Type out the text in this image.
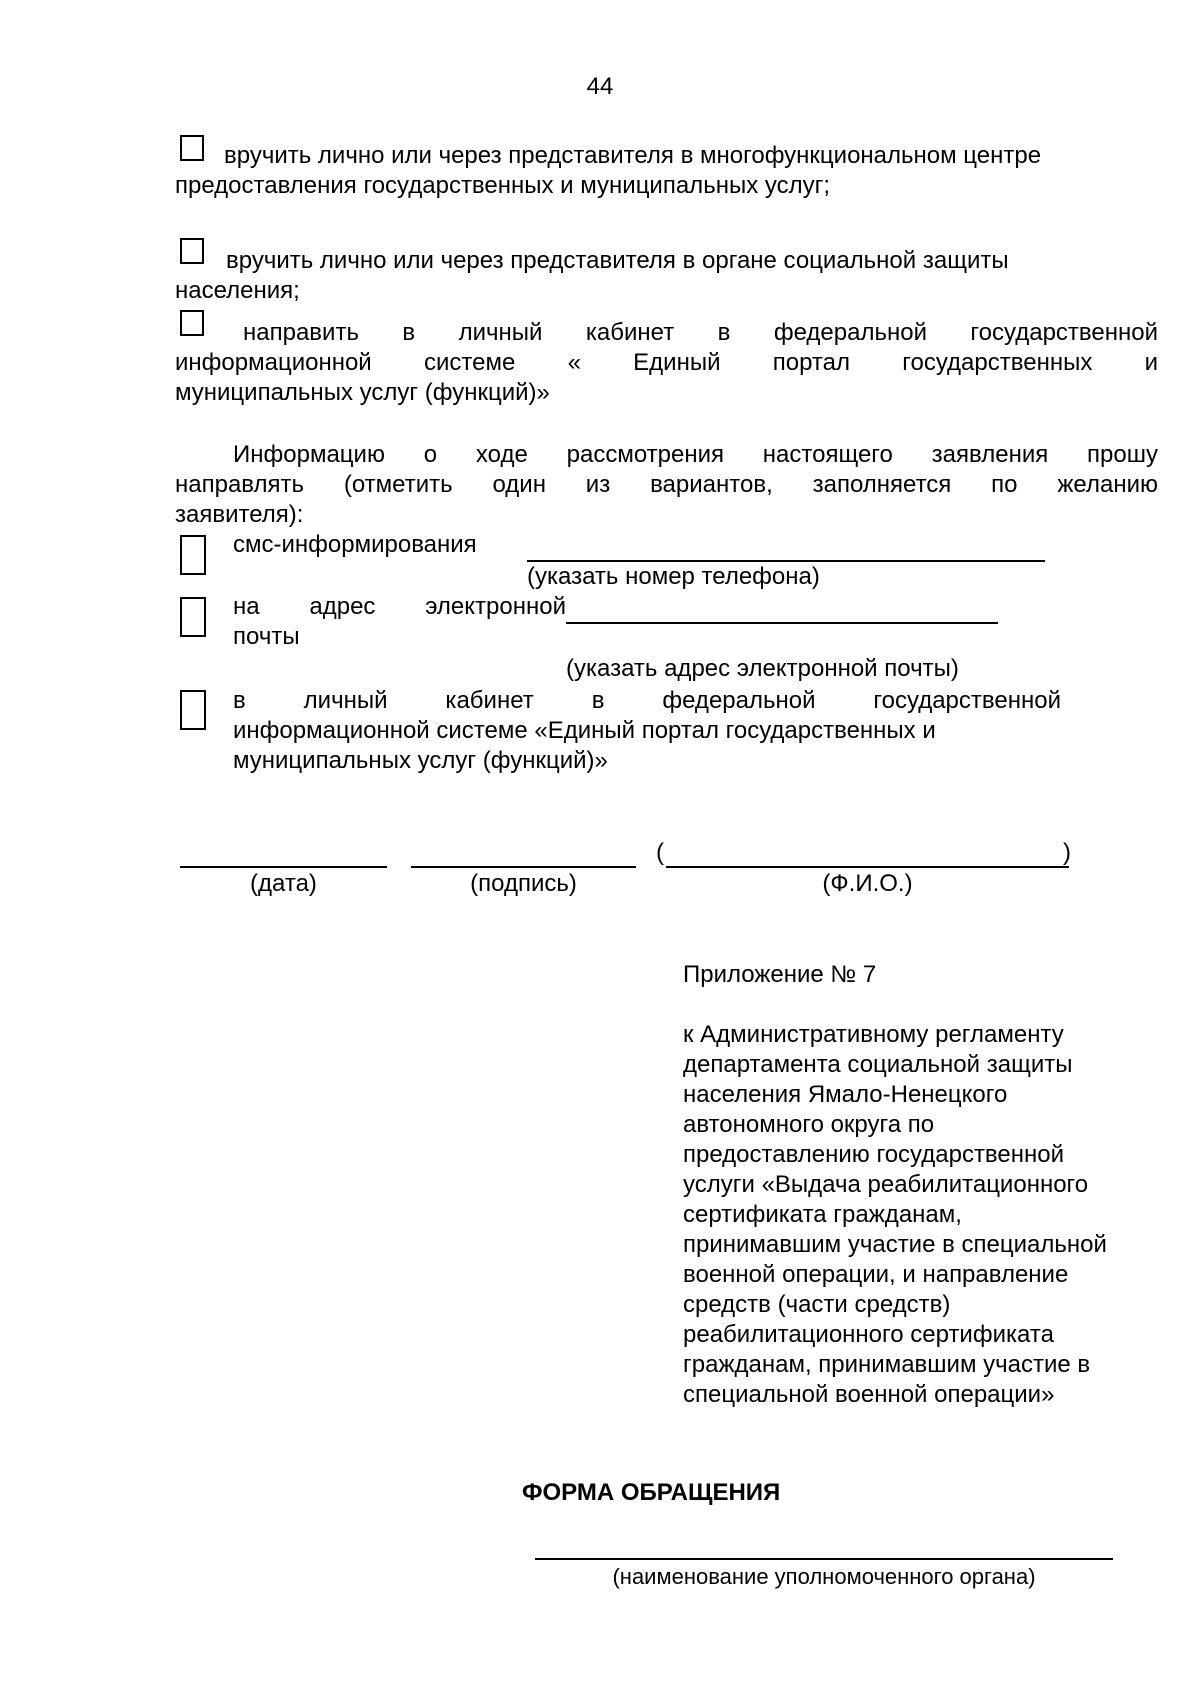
44
вручить лично или через представителя в многофункциональном центре
предоставления государственных и муниципальных услуг;
вручить лично или через представителя в органе социальной защиты
населения;
направить в личный кабинет в федеральной государственной
информационной системе « Единый портал государственных и
муниципальных услуг (функций)»
Информацию о ходе рассмотрения настоящего заявления прошу
направлять (отметить один из вариантов, заполняется по желанию
заявителя):
смс-информирования
(указать номер телефона)
на адрес электронной
почты
(указать адрес электронной почты)
в личный кабинет в федеральной государственной
информационной системе «Единый портал государственных и
муниципальных услуг (функций)»
(	)
(дата)	(подпись)	(Ф.И.О.)
Приложение № 7
к Административному регламенту
департамента социальной защиты
населения Ямало-Ненецкого
автономного округа по
предоставлению государственной
услуги «Выдача реабилитационного
сертификата гражданам,
принимавшим участие в специальной
военной операции, и направление
средств (части средств)
реабилитационного сертификата
гражданам, принимавшим участие в
специальной военной операции»
ФОРМА ОБРАЩЕНИЯ
(наименование уполномоченного органа)
